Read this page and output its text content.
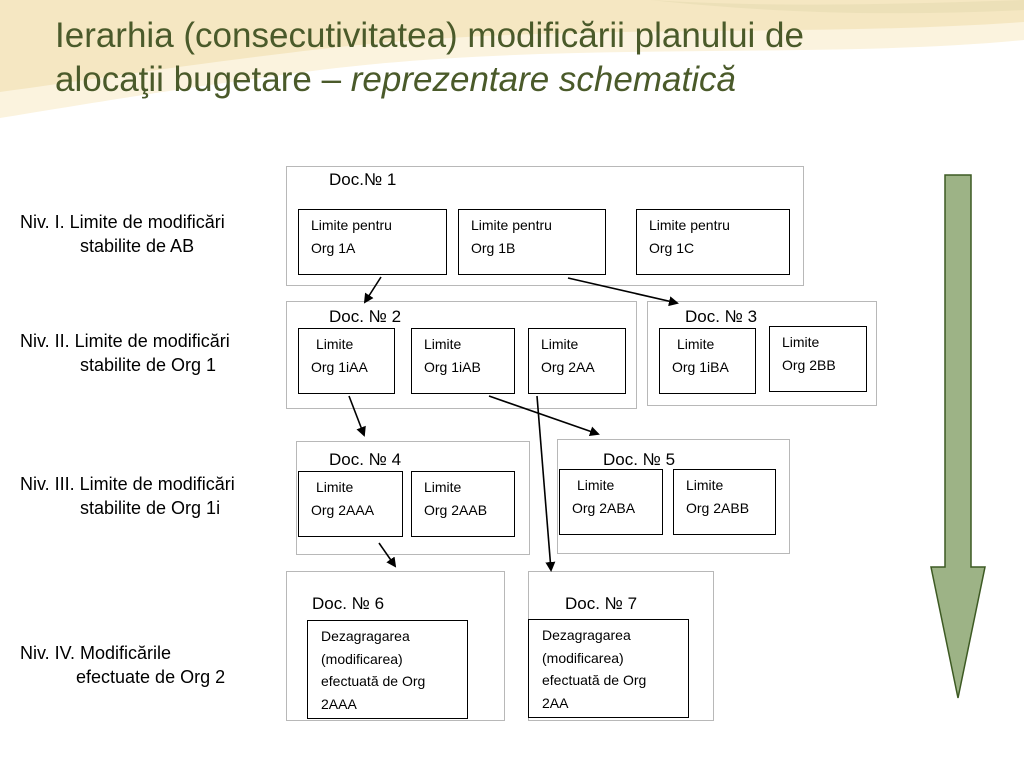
Ierarhia (consecutivitatea) modificării planului de
alocaţii bugetare – reprezentare schematică
Niv. I. Limite de modificări
stabilite de AB
Niv. II. Limite de modificări
stabilite de Org 1
Niv. III. Limite de modificări
stabilite de Org 1i
Niv. IV. Modificările
efectuate de Org 2
Doc.№ 1
Doc. № 2	Doc. № 3
Doc. № 4	Doc. № 5
Doc. № 6	Doc. № 7
Limite pentru
Org 1A
Limite pentru
Org 1B
Limite pentru
Org 1C
Limite
Org 1iAA
Limite
Org 1iAB
Limite
Org 2AA
Limite
Org 1iBA
Limite
Org 2BB
Limite
Org 2AAA
Limite
Org 2AAB
Limite
Org 2ABA
Limite
Org 2ABB
Dezagragarea
(modificarea)
efectuată de Org
2AAA
Dezagragarea
(modificarea)
efectuată de Org
2AA
